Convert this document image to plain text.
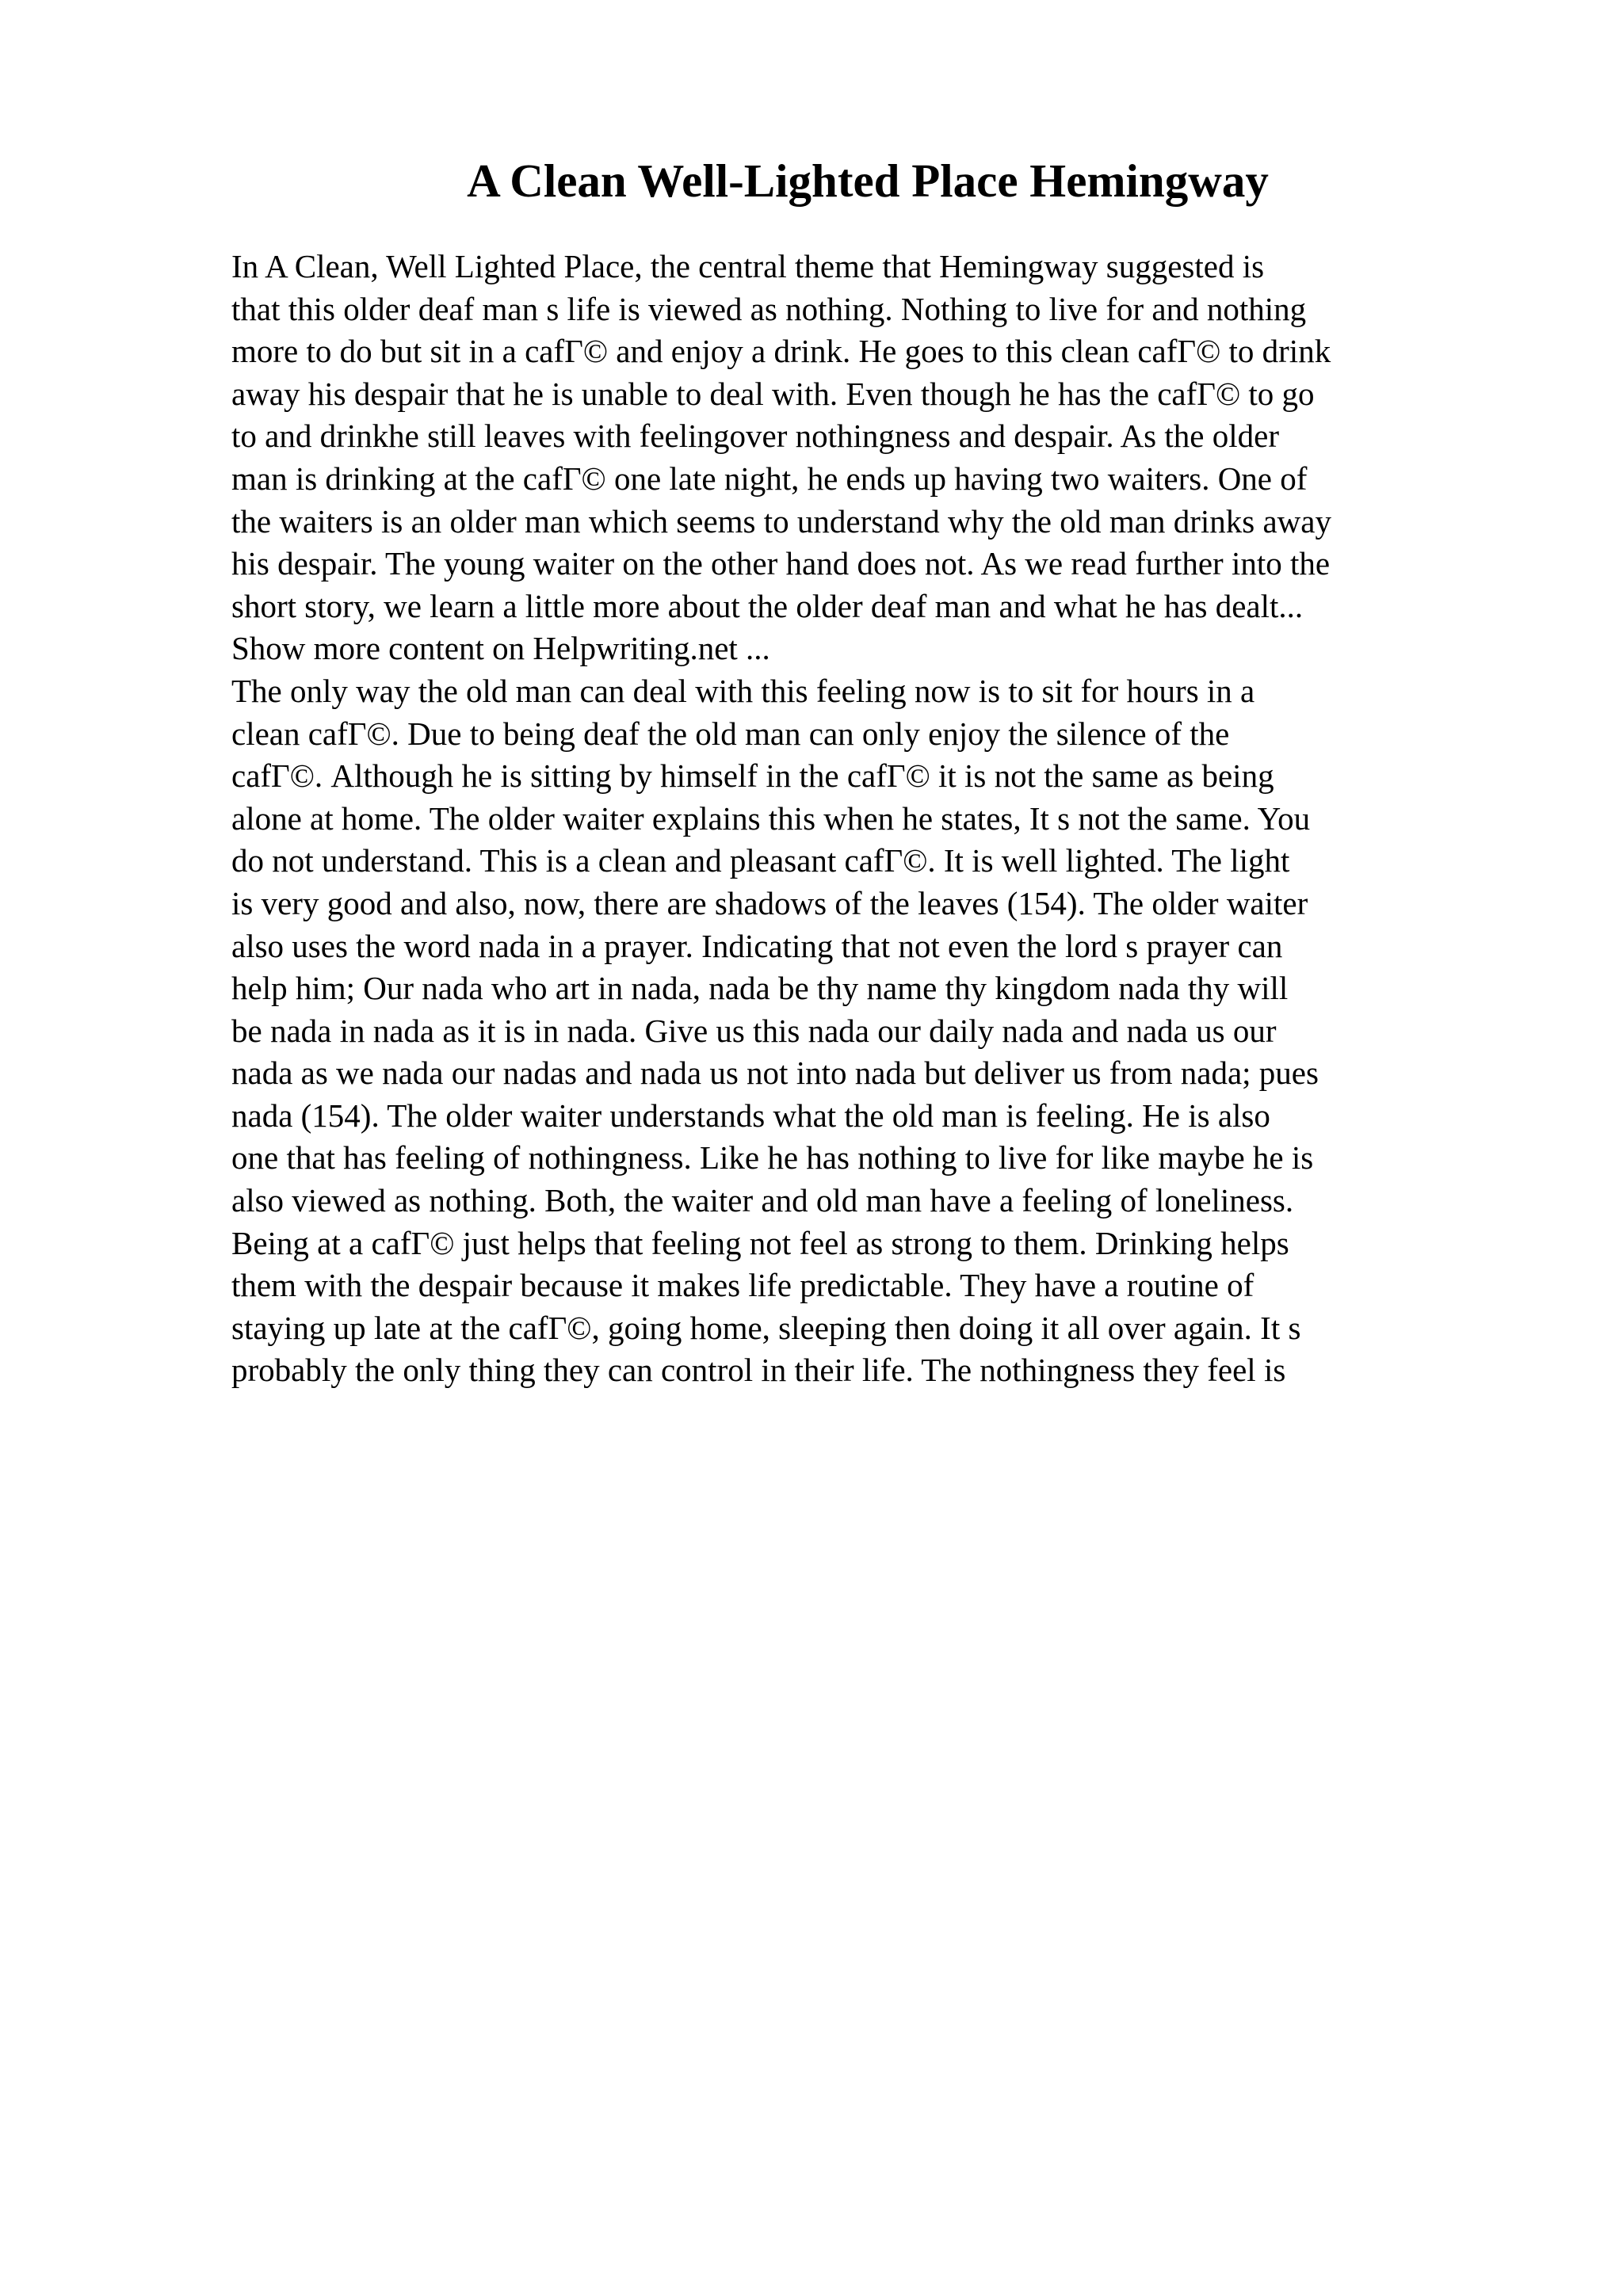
A Clean Well-Lighted Place Hemingway
In A Clean, Well Lighted Place, the central theme that Hemingway suggested is
that this older deaf man s life is viewed as nothing. Nothing to live for and nothing
more to do but sit in a cafГ© and enjoy a drink. He goes to this clean cafГ© to drink
away his despair that he is unable to deal with. Even though he has the cafГ© to go
to and drinkhe still leaves with feelingover nothingness and despair. As the older
man is drinking at the cafГ© one late night, he ends up having two waiters. One of
the waiters is an older man which seems to understand why the old man drinks away
his despair. The young waiter on the other hand does not. As we read further into the
short story, we learn a little more about the older deaf man and what he has dealt...
Show more content on Helpwriting.net ...
The only way the old man can deal with this feeling now is to sit for hours in a
clean cafГ©. Due to being deaf the old man can only enjoy the silence of the
cafГ©. Although he is sitting by himself in the cafГ© it is not the same as being
alone at home. The older waiter explains this when he states, It s not the same. You
do not understand. This is a clean and pleasant cafГ©. It is well lighted. The light
is very good and also, now, there are shadows of the leaves (154). The older waiter
also uses the word nada in a prayer. Indicating that not even the lord s prayer can
help him; Our nada who art in nada, nada be thy name thy kingdom nada thy will
be nada in nada as it is in nada. Give us this nada our daily nada and nada us our
nada as we nada our nadas and nada us not into nada but deliver us from nada; pues
nada (154). The older waiter understands what the old man is feeling. He is also
one that has feeling of nothingness. Like he has nothing to live for like maybe he is
also viewed as nothing. Both, the waiter and old man have a feeling of loneliness.
Being at a cafГ© just helps that feeling not feel as strong to them. Drinking helps
them with the despair because it makes life predictable. They have a routine of
staying up late at the cafГ©, going home, sleeping then doing it all over again. It s
probably the only thing they can control in their life. The nothingness they feel is
